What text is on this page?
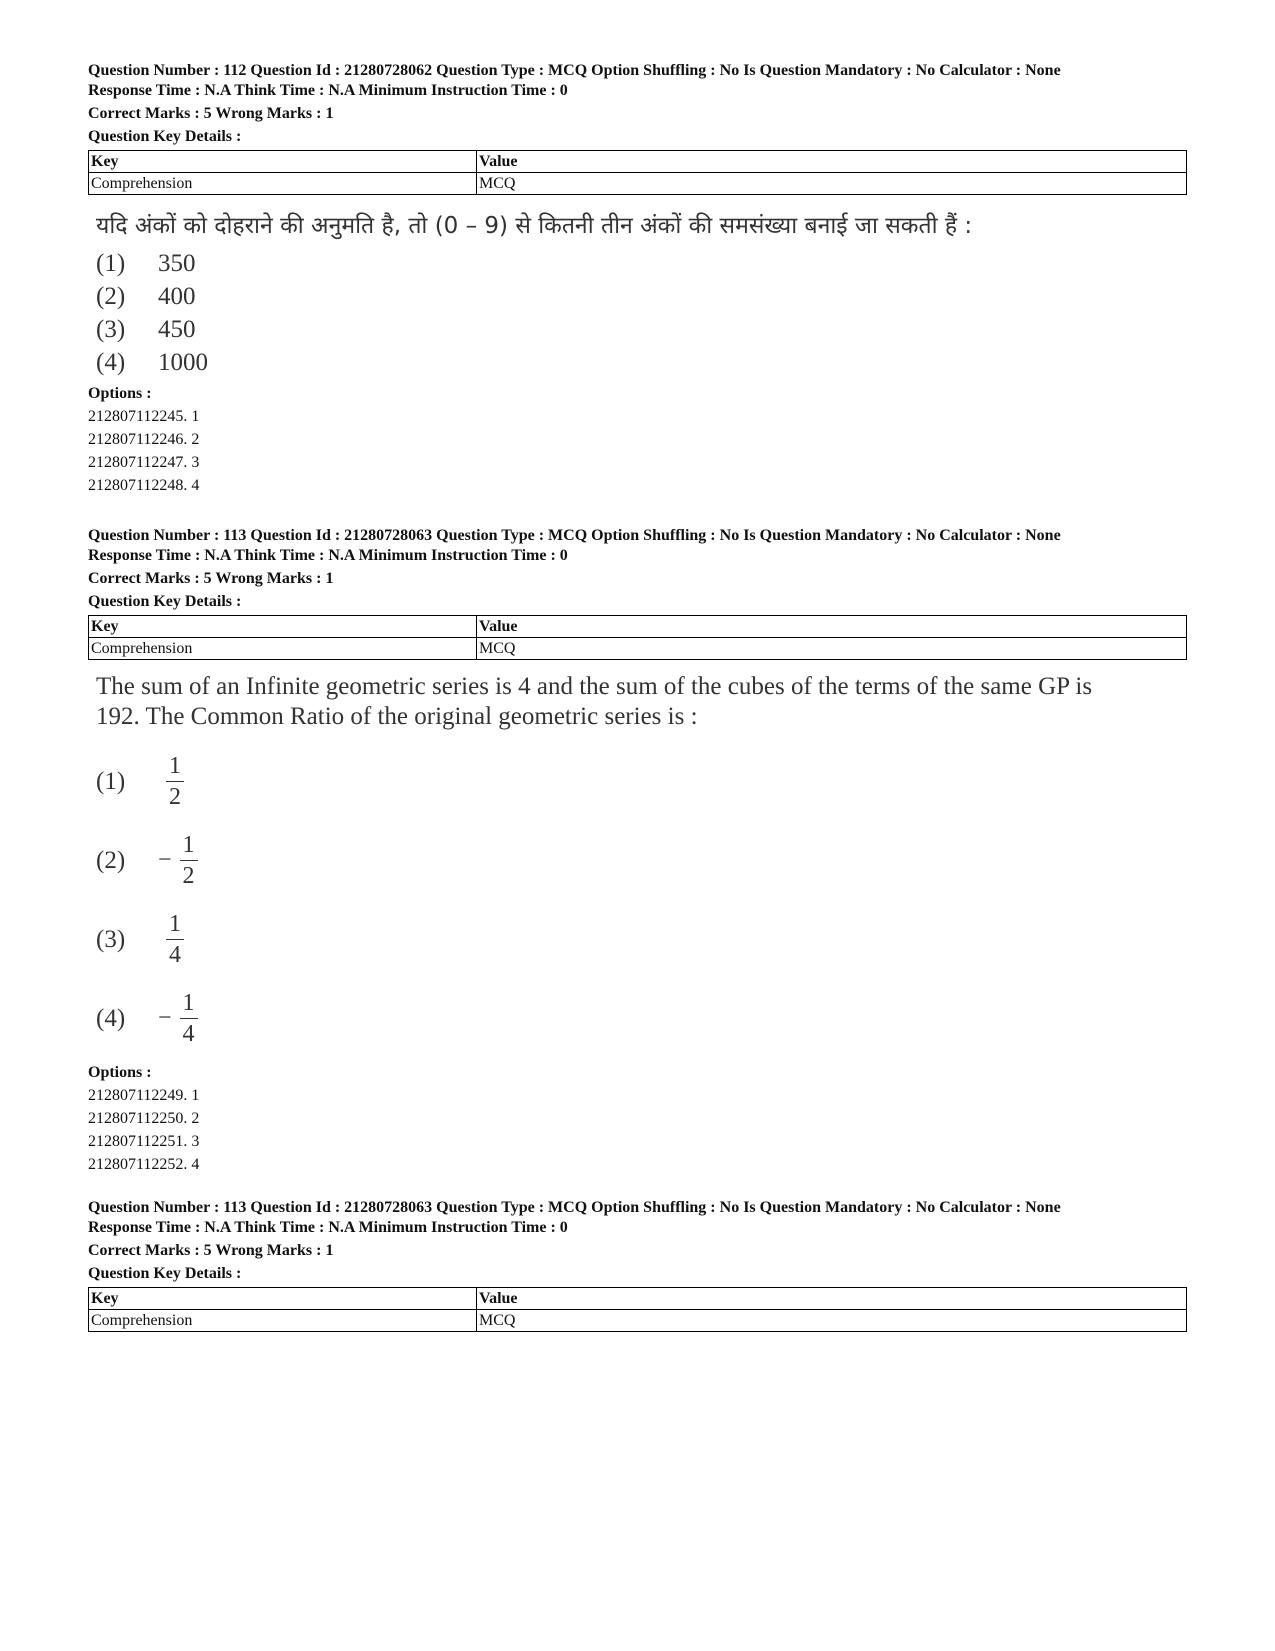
Question Number : 112 Question Id : 21280728062 Question Type : MCQ Option Shuffling : No Is Question Mandatory : No Calculator : None
Response Time : N.A Think Time : N.A Minimum Instruction Time : 0
Correct Marks : 5 Wrong Marks : 1
Question Key Details :
Key	Value
Comprehension	MCQ
यदि अंकों को दोहराने की अनुमति है, तो (0 – 9) से कितनी तीन अंकों की समसंख्या बनाई जा सकती हैं :
(1)	350
(2)	400
(3)	450
(4)	1000
Options :
212807112245. 1
212807112246. 2
212807112247. 3
212807112248. 4
Question Number : 113 Question Id : 21280728063 Question Type : MCQ Option Shuffling : No Is Question Mandatory : No Calculator : None
Response Time : N.A Think Time : N.A Minimum Instruction Time : 0
Correct Marks : 5 Wrong Marks : 1
Question Key Details :
Key	Value
Comprehension	MCQ
The sum of an Infinite geometric series is 4 and the sum of the cubes of the terms of the same GP is
192. The Common Ratio of the original geometric series is :
(1)	$\frac{1}{2}$
(2)	− $\frac{1}{2}$
(3)	$\frac{1}{4}$
(4)	− $\frac{1}{4}$
Options :
212807112249. 1
212807112250. 2
212807112251. 3
212807112252. 4
Question Number : 113 Question Id : 21280728063 Question Type : MCQ Option Shuffling : No Is Question Mandatory : No Calculator : None
Response Time : N.A Think Time : N.A Minimum Instruction Time : 0
Correct Marks : 5 Wrong Marks : 1
Question Key Details :
Key	Value
Comprehension	MCQ
